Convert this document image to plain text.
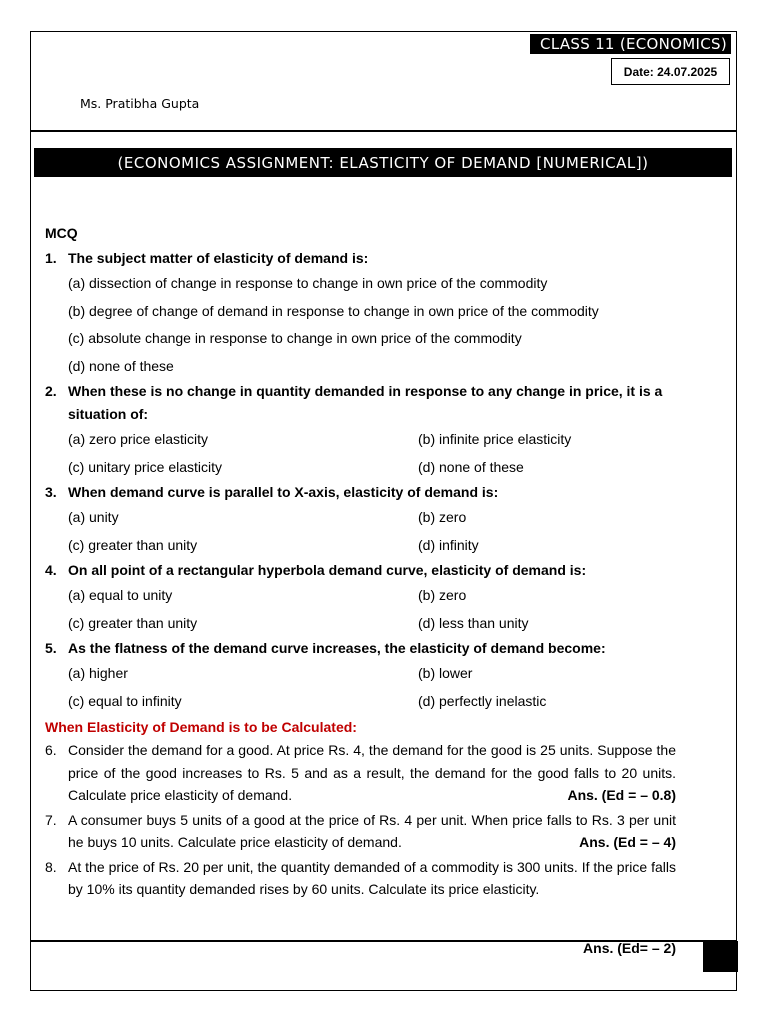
CLASS 11 (ECONOMICS)
Date: 24.07.2025
Ms. Pratibha Gupta
(ECONOMICS ASSIGNMENT: ELASTICITY OF DEMAND [NUMERICAL])
MCQ
1. The subject matter of elasticity of demand is:
(a) dissection of change in response to change in own price of the commodity
(b) degree of change of demand in response to change in own price of the commodity
(c) absolute change in response to change in own price of the commodity
(d) none of these
2. When these is no change in quantity demanded in response to any change in price, it is a situation of:
(a) zero price elasticity	(b) infinite price elasticity
(c) unitary price elasticity	(d) none of these
3. When demand curve is parallel to X-axis, elasticity of demand is:
(a) unity	(b) zero
(c) greater than unity	(d) infinity
4. On all point of a rectangular hyperbola demand curve, elasticity of demand is:
(a) equal to unity	(b) zero
(c) greater than unity	(d) less than unity
5. As the flatness of the demand curve increases, the elasticity of demand become:
(a) higher	(b) lower
(c) equal to infinity	(d) perfectly inelastic
When Elasticity of Demand is to be Calculated:
6. Consider the demand for a good. At price Rs. 4, the demand for the good is 25 units. Suppose the price of the good increases to Rs. 5 and as a result, the demand for the good falls to 20 units. Calculate price elasticity of demand.	Ans. (Ed = – 0.8)
7. A consumer buys 5 units of a good at the price of Rs. 4 per unit. When price falls to Rs. 3 per unit he buys 10 units. Calculate price elasticity of demand.	Ans. (Ed = – 4)
8. At the price of Rs. 20 per unit, the quantity demanded of a commodity is 300 units. If the price falls by 10% its quantity demanded rises by 60 units. Calculate its price elasticity.
Ans. (Ed= – 2)
